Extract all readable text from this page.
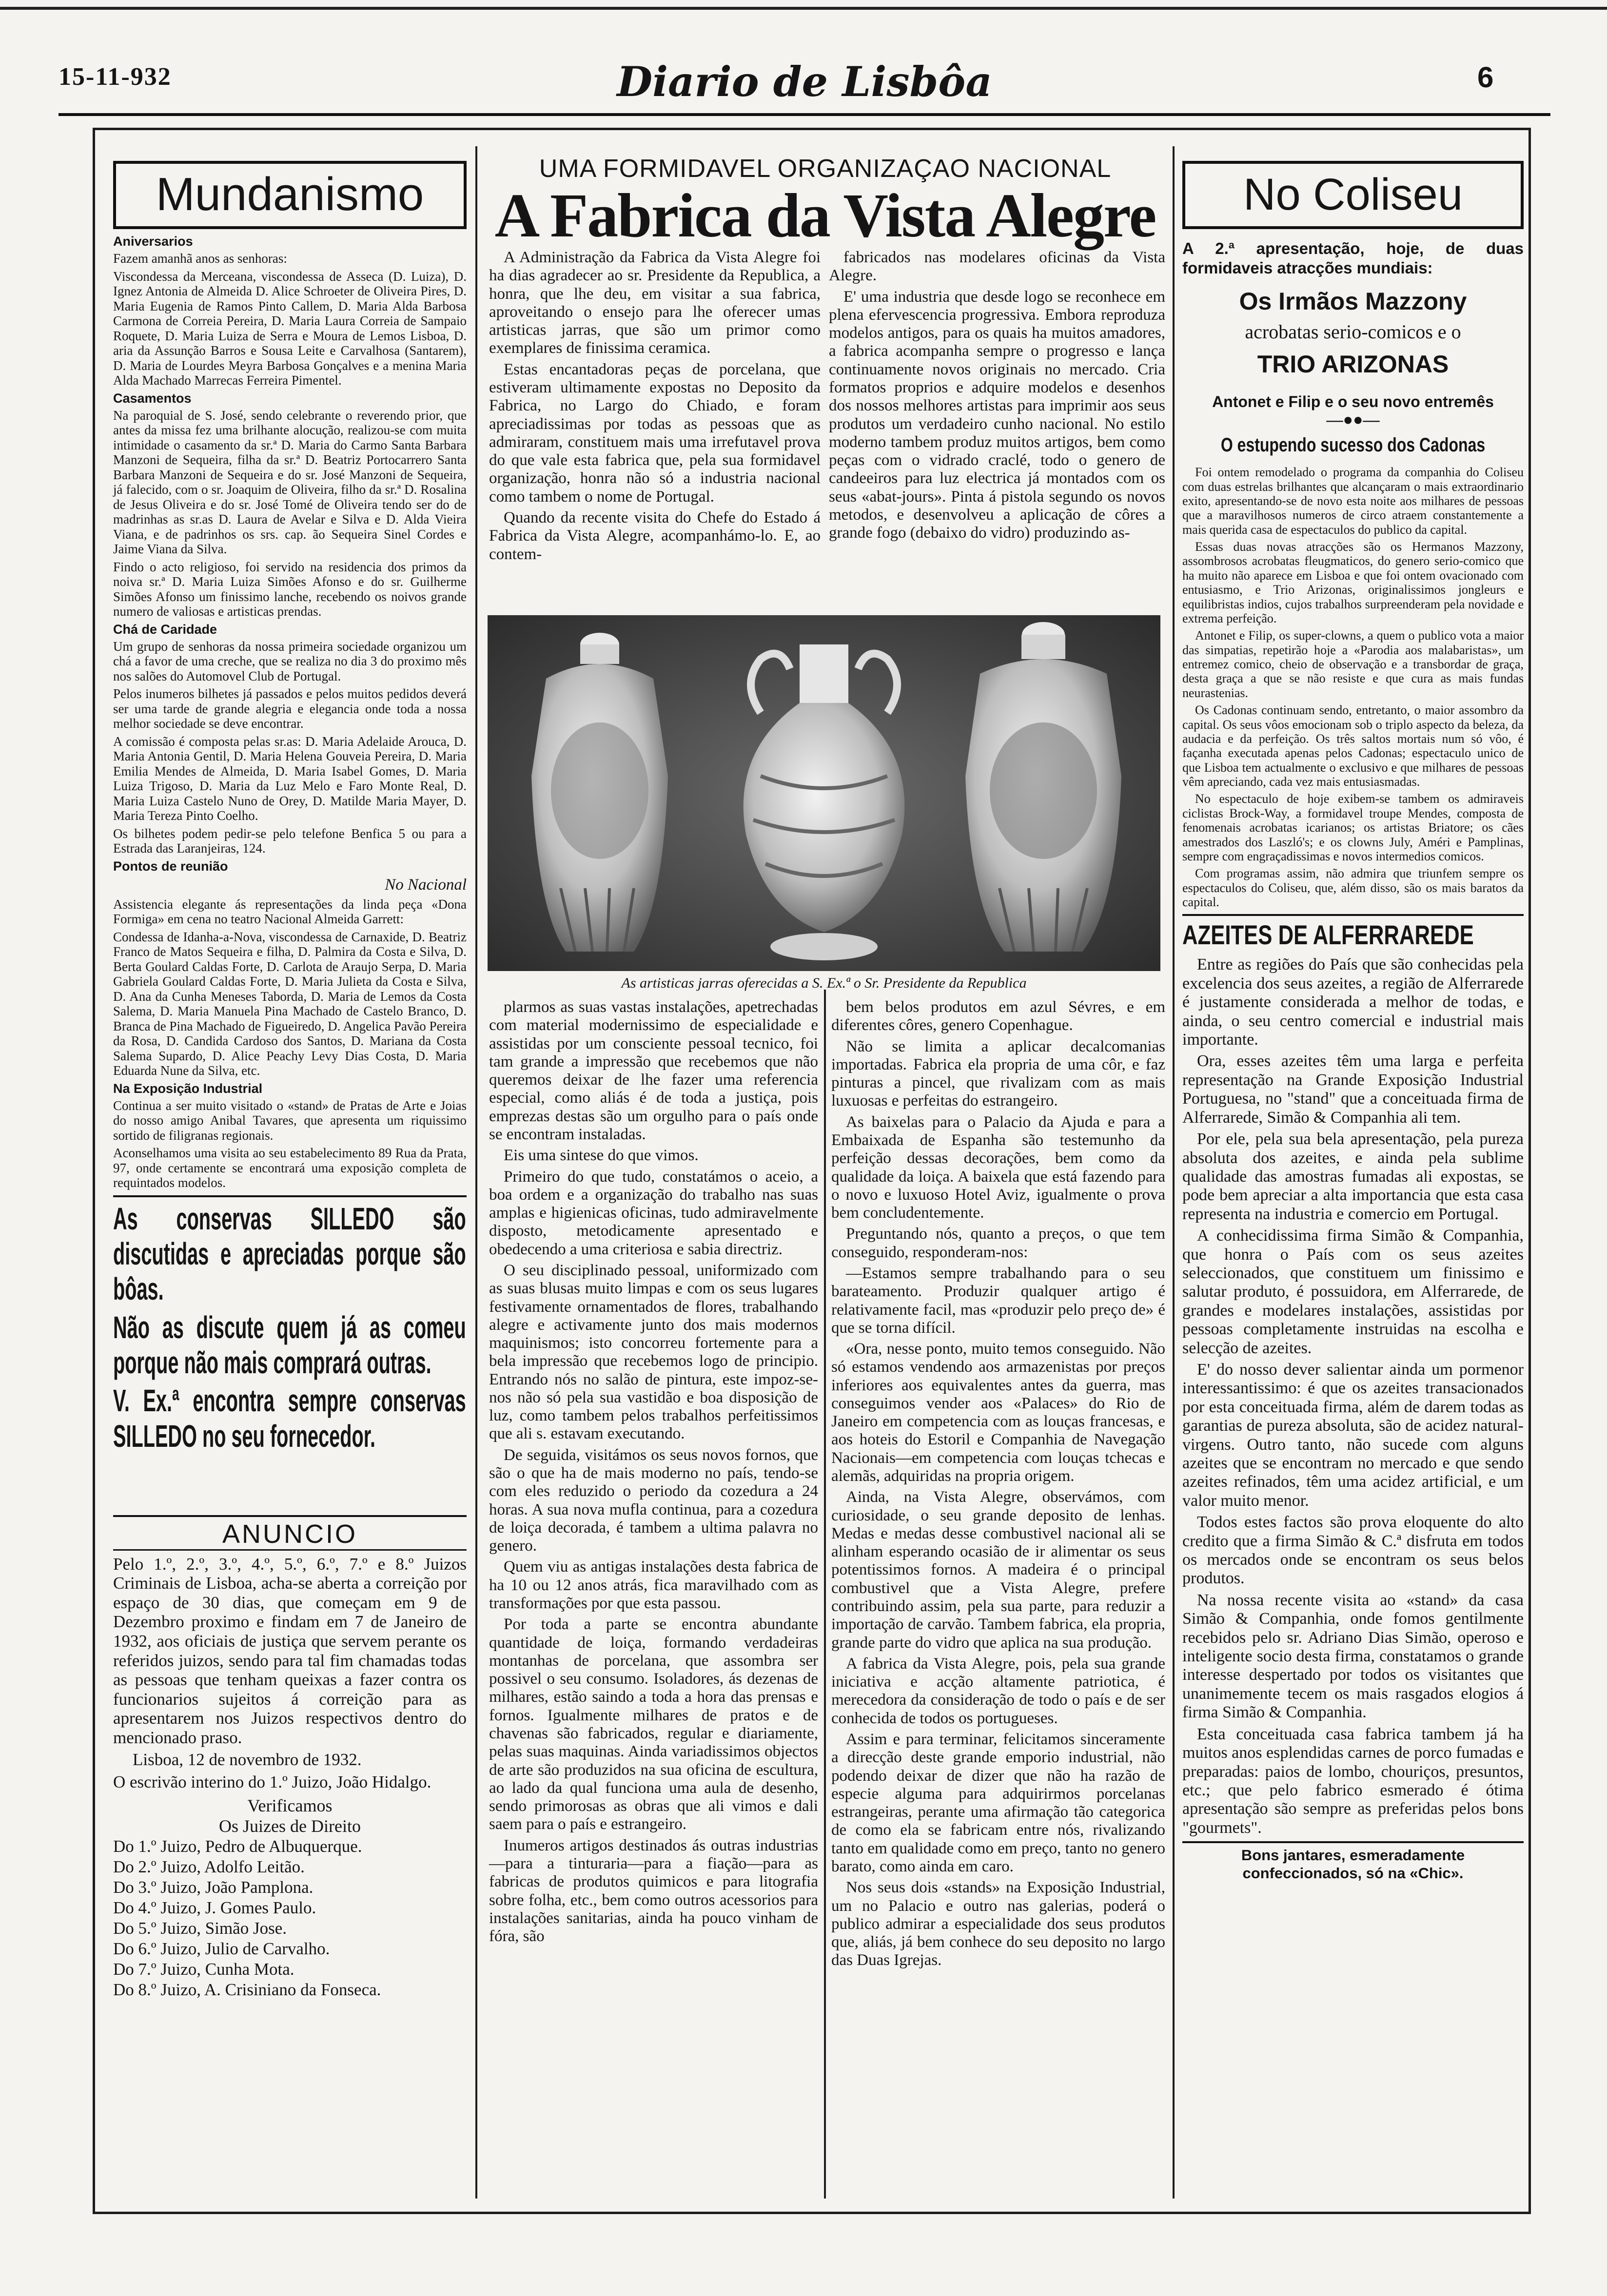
15-11-932	Diario de Lisbôa	6
Mundanismo
Aniversarios

Fazem amanhã anos as senhoras:

Viscondessa da Merceana, viscondessa de Assecа (D. Luiza), D. Ignez Antonia de Almeida D. Alice Schroeter de Oliveira Pires, D. Maria Eugenia de Ramos Pinto Callem, D. Maria Alda Barbosa Carmona de Correia Pereira, D. Maria Laura Correia de Sampaio Roquete, D. Maria Luiza de Serra e Moura de Lemos Lisboa, D. aria da Assunção Barros e Sousa Leite e Carvalhosa (Santarem), D. Maria de Lourdes Meyra Barbosa Gonçalves e a menina Maria Alda Machado Marrecas Ferreira Pimentel.

Casamentos

Na paroquial de S. José, sendo celebrante o reverendo prior, que antes da missa fez uma brilhante alocução, realizou-se com muita intimidade o casamento da sr.ª D. Maria do Carmo Santa Barbara Manzoni de Sequeira, filha da sr.ª D. Beatriz Portocarrero Santa Barbara Manzoni de Sequeira e do sr. José Manzoni de Sequeira, já falecido, com o sr. Joaquim de Oliveira, filho da sr.ª D. Rosalina de Jesus Oliveira e do sr. José Tomé de Oliveira tendo ser do de madrinhas as sr.as D. Laura de Avelar e Silva e D. Alda Vieira Viana, e de padrinhos os srs. cap. ão Sequeira Sinel Cordes e Jaime Viana da Silva.

Findo o acto religioso, foi servido na residencia dos primos da noiva sr.ª D. Maria Luiza Simões Afonso e do sr. Guilherme Simões Afonso um finissimo lanche, recebendo os noivos grande numero de valiosas e artisticas prendas.

Chá de Caridade

Um grupo de senhoras da nossa primeira sociedade organizou um chá a favor de uma creche, que se realiza no dia 3 do proximo mês nos salões do Automovel Club de Portugal.

Pelos inumeros bilhetes já passados e pelos muitos pedidos deverá ser uma tarde de grande alegria e elegancia onde toda a nossa melhor sociedade se deve encontrar.

A comissão é composta pelas sr.as: D. Maria Adelaide Arouca, D. Maria Antonia Gentil, D. Maria Helena Gouveia Pereira, D. Maria Emilia Mendes de Almeida, D. Maria Isabel Gomes, D. Maria Luiza Trigoso, D. Maria da Luz Melo e Faro Monte Real, D. Maria Luiza Castelo Nuno de Orey, D. Matilde Maria Mayer, D. Maria Tereza Pinto Coelho.

Os bilhetes podem pedir-se pelo telefone Benfica 5 ou para a Estrada das Laranjeiras, 124.

Pontos de reunião

No Nacional

Assistencia elegante ás representações da linda peça «Dona Formiga» em cena no teatro Nacional Almeida Garrett:

Condessa de Idanha-a-Nova, viscondessa de Carnaxide, D. Beatriz Franco de Matos Sequeira e filha, D. Palmira da Costa e Silva, D. Berta Goulard Caldas Forte, D. Carlota de Araujo Serpa, D. Maria Gabriela Goulard Caldas Forte, D. Maria Julieta da Costa e Silva, D. Ana da Cunha Meneses Taborda, D. Maria de Lemos da Costa Salema, D. Maria Manuela Pina Machado de Castelo Branco, D. Branca de Pina Machado de Figueiredo, D. Angelica Pavão Pereira da Rosa, D. Candida Cardoso dos Santos, D. Mariana da Costa Salema Supardo, D. Alice Peachy Levy Dias Costa, D. Maria Eduarda Nune da Silva, etc.

Na Exposição Industrial

Continua a ser muito visitado o «stand» de Pratas de Arte e Joias do nosso amigo Anibal Tavares, que apresenta um riquissimo sortido de filigranas regionais.

Aconselhamos uma visita ao seu estabelecimento 89 Rua da Prata, 97, onde certamente se encontrará uma exposição completa de requintados modelos.

As conservas SILLEDO são discutidas e apreciadas porque são bôas.

Não as discute quem já as comeu porque não mais comprará outras.

V. Ex.ª encontra sempre conservas SILLEDO no seu fornecedor.

ANUNCIO

Pelo 1.º, 2.º, 3.º, 4.º, 5.º, 6.º, 7.º e 8.º Juizos Criminais de Lisboa, acha-se aberta a correição por espaço de 30 dias, que começam em 9 de Dezembro proximo e findam em 7 de Janeiro de 1932, aos oficiais de justiça que servem perante os referidos juizos, sendo para tal fim chamadas todas as pessoas que tenham queixas a fazer contra os funcionarios sujeitos á correição para as apresentarem nos Juizos respectivos dentro do mencionado praso.

Lisboa, 12 de novembro de 1932.

O escrivão interino do 1.º Juizo, João Hidalgo.

Verificamos
Os Juizes de Direito
Do 1.º Juizo, Pedro de Albuquerque.
Do 2.º Juizo, Adolfo Leitão.
Do 3.º Juizo, João Pamplona.
Do 4.º Juizo, J. Gomes Paulo.
Do 5.º Juizo, Simão Jose.
Do 6.º Juizo, Julio de Carvalho.
Do 7.º Juizo, Cunha Mota.
Do 8.º Juizo, A. Crisiniano da Fonseca.
UMA FORMIDAVEL ORGANIZAÇAO NACIONAL
A Fabrica da Vista Alegre

A Administração da Fabrica da Vista Alegre foi ha dias agradecer ao sr. Presidente da Republica, a honra, que lhe deu, em visitar a sua fabrica, aproveitando o ensejo para lhe oferecer umas artisticas jarras, que são um primor como exemplares de finissima ceramica.

Estas encantadoras peças de porcelana, que estiveram ultimamente expostas no Deposito da Fabrica, no Largo do Chiado, e foram apreciadissimas por todas as pessoas que as admiraram, constituem mais uma irrefutavel prova do que vale esta fabrica que, pela sua formidavel organização, honra não só a industria nacional como tambem o nome de Portugal.

Quando da recente visita do Chefe do Estado á Fabrica da Vista Alegre, acompanhámo-lo. E, ao contem-

fabricados nas modelares oficinas da Vista Alegre.

E' uma industria que desde logo se reconhece em plena efervescencia progressiva. Embora reproduza modelos antigos, para os quais ha muitos amadores, a fabrica acompanha sempre o progresso e lança continuamente novos originais no mercado. Cria formatos proprios e adquire modelos e desenhos dos nossos melhores artistas para imprimir aos seus produtos um verdadeiro cunho nacional. No estilo moderno tambem produz muitos artigos, bem como peças com o vidrado craclé, todo o genero de candeeiros para luz electrica já montados com os seus «abat-jours». Pinta á pistola segundo os novos metodos, e desenvolveu a aplicação de côres a grande fogo (debaixo do vidro) produzindo as-

As artisticas jarras oferecidas a S. Ex.ª o Sr. Presidente da Republica

plarmos as suas vastas instalações, apetrechadas com material modernissimo de especialidade e assistidas por um consciente pessoal tecnico, foi tam grande a impressão que recebemos que não queremos deixar de lhe fazer uma referencia especial, como aliás é de toda a justiça, pois emprezas destas são um orgulho para o país onde se encontram instaladas.

Eis uma sintese do que vimos.

Primeiro do que tudo, constatámos o aceio, a boa ordem e a organização do trabalho nas suas amplas e higienicas oficinas, tudo admiravelmente disposto, metodicamente apresentado e obedecendo a uma criteriosa e sabia directriz.

O seu disciplinado pessoal, uniformizado com as suas blusas muito limpas e com os seus lugares festivamente ornamentados de flores, trabalhando alegre e activamente junto dos mais modernos maquinismos; isto concorreu fortemente para a bela impressão que recebemos logo de principio. Entrando nós no salão de pintura, este impoz-se-nos não só pela sua vastidão e boa disposição de luz, como tambem pelos trabalhos perfeitissimos que ali s. estavam executando.

De seguida, visitámos os seus novos fornos, que são o que ha de mais moderno no país, tendo-se com eles reduzido o periodo da cozedura a 24 horas. A sua nova mufla continua, para a cozedura de loiça decorada, é tambem a ultima palavra no genero.

Quem viu as antigas instalações desta fabrica de ha 10 ou 12 anos atrás, fica maravilhado com as transformações por que esta passou.

Por toda a parte se encontra abundante quantidade de loiça, formando verdadeiras montanhas de porcelana, que assombra ser possivel o seu consumo. Isoladores, ás dezenas de milhares, estão saindo a toda a hora das prensas e fornos. Igualmente milhares de pratos e de chavenas são fabricados, regular e diariamente, pelas suas maquinas. Ainda variadissimos objectos de arte são produzidos na sua oficina de escultura, ao lado da qual funciona uma aula de desenho, sendo primorosas as obras que ali vimos e dali saem para o país e estrangeiro.

Inumeros artigos destinados ás outras industrias—para a tinturaria—para a fiação—para as fabricas de produtos quimicos e para litografia sobre folha, etc., bem como outros acessorios para instalações sanitarias, ainda ha pouco vinham de fóra, são

bem belos produtos em azul Sévres, e em diferentes côres, genero Copenhague.

Não se limita a aplicar decalcomanias importadas. Fabrica ela propria de uma côr, e faz pinturas a pincel, que rivalizam com as mais luxuosas e perfeitas do estrangeiro.

As baixelas para o Palacio da Ajuda e para a Embaixada de Espanha são testemunho da perfeição dessas decorações, bem como da qualidade da loiça. A baixela que está fazendo para o novo e luxuoso Hotel Aviz, igualmente o prova bem concludentemente.

Preguntando nós, quanto a preços, o que tem conseguido, responderam-nos:

—Estamos sempre trabalhando para o seu barateamento. Produzir qualquer artigo é relativamente facil, mas «produzir pelo preço de» é que se torna difícil.

«Ora, nesse ponto, muito temos conseguido. Não só estamos vendendo aos armazenistas por preços inferiores aos equivalentes antes da guerra, mas conseguimos vender aos «Palaces» do Rio de Janeiro em competencia com as louças francesas, e aos hoteis do Estoril e Companhia de Navegação Nacionais—em competencia com louças tchecas e alemãs, adquiridas na propria origem.

Ainda, na Vista Alegre, observámos, com curiosidade, o seu grande deposito de lenhas. Medas e medas desse combustivel nacional ali se alinham esperando ocasião de ir alimentar os seus potentissimos fornos. A madeira é o principal combustivel que a Vista Alegre, prefere contribuindo assim, pela sua parte, para reduzir a importação de carvão. Tambem fabrica, ela propria, grande parte do vidro que aplica na sua produção.

A fabrica da Vista Alegre, pois, pela sua grande iniciativa e acção altamente patriotica, é merecedora da consideração de todo o país e de ser conhecida de todos os portugueses.

Assim e para terminar, felicitamos sinceramente a direcção deste grande emporio industrial, não podendo deixar de dizer que não ha razão de especie alguma para adquirirmos porcelanas estrangeiras, perante uma afirmação tão categorica de como ela se fabricam entre nós, rivalizando tanto em qualidade como em preço, tanto no genero barato, como ainda em caro.

Nos seus dois «stands» na Exposição Industrial, um no Palacio e outro nas galerias, poderá o publico admirar a especialidade dos seus produtos que, aliás, já bem conhece do seu deposito no largo das Duas Igrejas.

No Coliseu

A 2.ª apresentação, hoje, de duas formidaveis atracções mundiais:

Os Irmãos Mazzony
acrobatas serio-comicos e o
TRIO ARIZONAS
Antonet e Filip e o seu novo entremês
—●●—
O estupendo sucesso dos Cadonas

Foi ontem remodelado o programa da companhia do Coliseu com duas estrelas brilhantes que alcançaram o mais extraordinario exito, apresentando-se de novo esta noite aos milhares de pessoas que a maravilhosos numeros de circo atraem constantemente a mais querida casa de espectaculos do publico da capital.

Essas duas novas atracções são os Hermanos Mazzony, assombrosos acrobatas fleugmaticos, do genero serio-comico que ha muito não aparece em Lisboa e que foi ontem ovacionado com entusiasmo, e Trio Arizonas, originalissimos jongleurs e equilibristas indios, cujos trabalhos surpreenderam pela novidade e extrema perfeição.

Antonet e Filip, os super-clowns, a quem o publico vota a maior das simpatias, repetirão hoje a «Parodia aos malabaristas», um entremez comico, cheio de observação e a transbordar de graça, desta graça a que se não resiste e que cura as mais fundas neurastenias.

Os Cadonas continuam sendo, entretanto, o maior assombro da capital. Os seus vôos emocionam sob o triplo aspecto da beleza, da audacia e da perfeição. Os três saltos mortais num só vôo, é façanha executada apenas pelos Cadonas; espectaculo unico de que Lisboa tem actualmente o exclusivo e que milhares de pessoas vêm apreciando, cada vez mais entusiasmadas.

No espectaculo de hoje exibem-se tambem os admiraveis ciclistas Brock-Way, a formidavel troupe Mendes, composta de fenomenais acrobatas icarianos; os artistas Briatore; os cães amestrados dos Laszló's; e os clowns July, Améri e Pamplinas, sempre com engraçadissimas e novos intermedios comicos.

Com programas assim, não admira que triunfem sempre os espectaculos do Coliseu, que, além disso, são os mais baratos da capital.

AZEITES DE ALFERRAREDE

Entre as regiões do País que são conhecidas pela excelencia dos seus azeites, a região de Alferrarede é justamente considerada a melhor de todas, e ainda, o seu centro comercial e industrial mais importante.

Ora, esses azeites têm uma larga e perfeita representação na Grande Exposição Industrial Portuguesa, no "stand" que a conceituada firma de Alferrarede, Simão & Companhia ali tem.

Por ele, pela sua bela apresentação, pela pureza absoluta dos azeites, e ainda pela sublime qualidade das amostras fumadas ali expostas, se pode bem apreciar a alta importancia que esta casa representa na industria e comercio em Portugal.

A conhecidissima firma Simão & Companhia, que honra o País com os seus azeites seleccionados, que constituem um finissimo e salutar produto, é possuidora, em Alferrarede, de grandes e modelares instalações, assistidas por pessoas completamente instruidas na escolha e selecção de azeites.

E' do nosso dever salientar ainda um pormenor interessantissimo: é que os azeites transacionados por esta conceituada firma, além de darem todas as garantias de pureza absoluta, são de acidez natural-virgens. Outro tanto, não sucede com alguns azeites que se encontram no mercado e que sendo azeites refinados, têm uma acidez artificial, e um valor muito menor.

Todos estes factos são prova eloquente do alto credito que a firma Simão & C.ª disfruta em todos os mercados onde se encontram os seus belos produtos.

Na nossa recente visita ao «stand» da casa Simão & Companhia, onde fomos gentilmente recebidos pelo sr. Adriano Dias Simão, operoso e inteligente socio desta firma, constatamos o grande interesse despertado por todos os visitantes que unanimemente tecem os mais rasgados elogios á firma Simão & Companhia.

Esta conceituada casa fabrica tambem já ha muitos anos esplendidas carnes de porco fumadas e preparadas: paios de lombo, chouriços, presuntos, etc.; que pelo fabrico esmerado é ótima apresentação são sempre as preferidas pelos bons "gourmets".

Bons jantares, esmeradamente confeccionados, só na «Chic».
